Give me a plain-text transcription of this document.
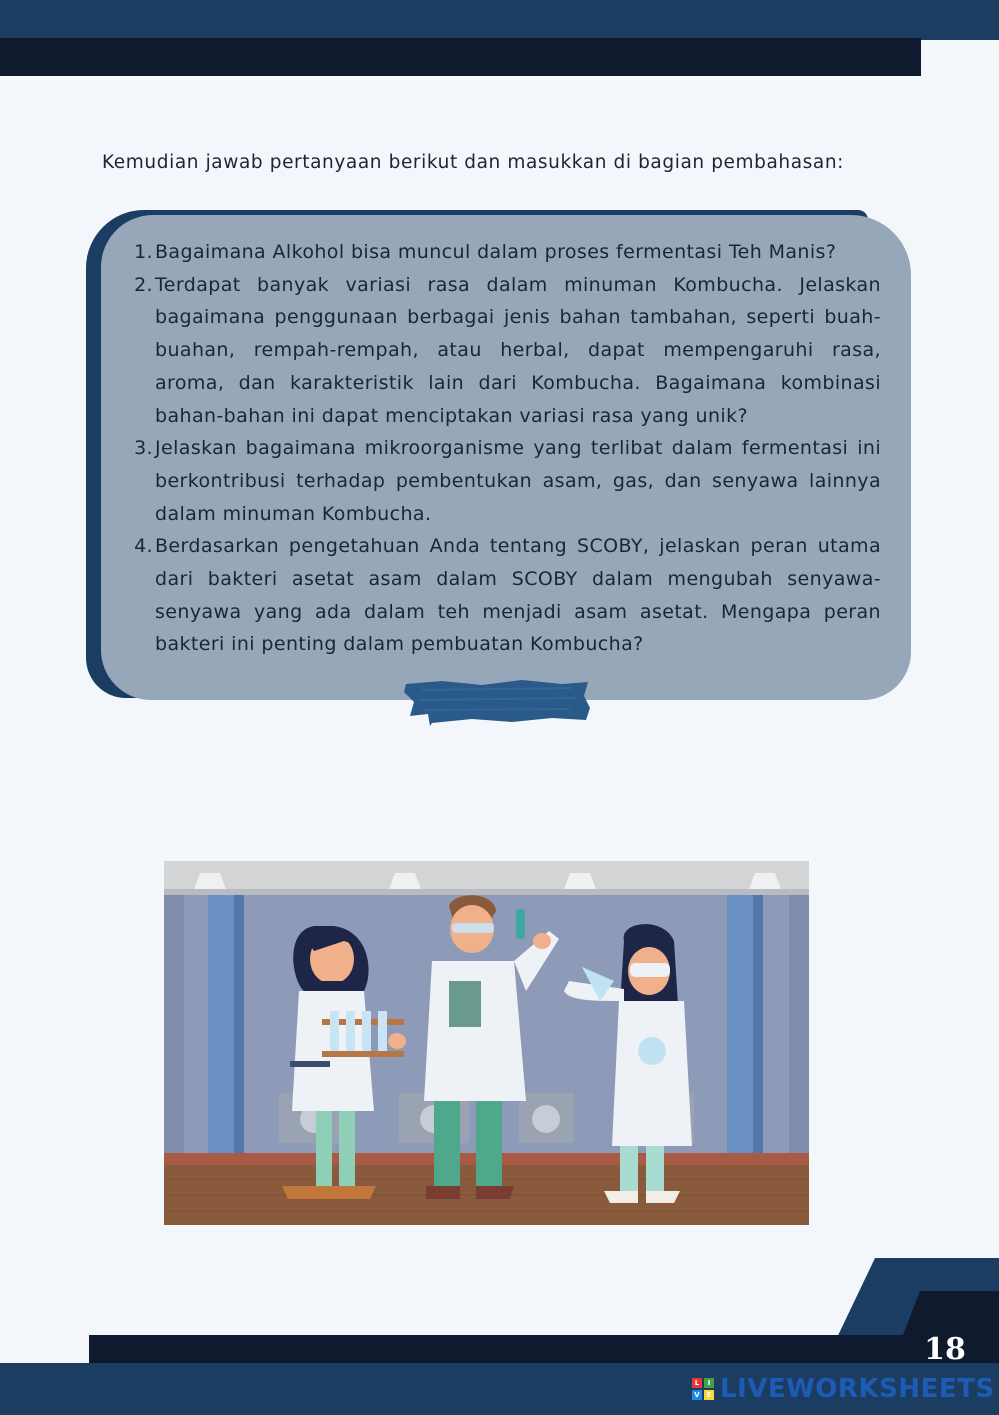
Kemudian jawab pertanyaan berikut dan masukkan di bagian pembahasan:
1. Bagaimana Alkohol bisa muncul dalam proses fermentasi Teh Manis?
2. Terdapat banyak variasi rasa dalam minuman Kombucha. Jelaskan bagaimana penggunaan berbagai jenis bahan tambahan, seperti buah-buahan, rempah-rempah, atau herbal, dapat mempengaruhi rasa, aroma, dan karakteristik lain dari Kombucha. Bagaimana kombinasi bahan-bahan ini dapat menciptakan variasi rasa yang unik?
3. Jelaskan bagaimana mikroorganisme yang terlibat dalam fermentasi ini berkontribusi terhadap pembentukan asam, gas, dan senyawa lainnya dalam minuman Kombucha.
4. Berdasarkan pengetahuan Anda tentang SCOBY, jelaskan peran utama dari bakteri asetat asam dalam SCOBY dalam mengubah senyawa-senyawa yang ada dalam teh menjadi asam asetat. Mengapa peran bakteri ini penting dalam pembuatan Kombucha?
18
L	I
V E LIVEWORKSHEETS
